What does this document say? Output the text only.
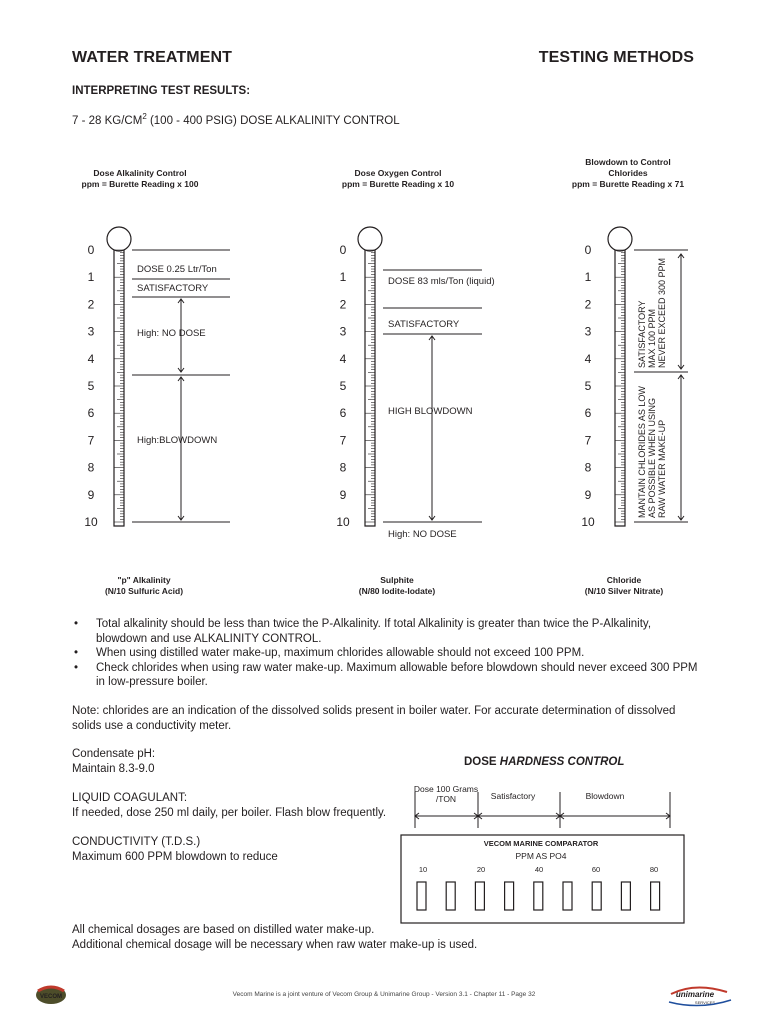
WATER TREATMENT	TESTING METHODS
INTERPRETING TEST RESULTS:
7 - 28 $KG/CM^2$ (100 - 400 PSIG) DOSE ALKALINITY CONTROL
Dose Alkalinity Control
ppm = Burette Reading x 100
Dose Oxygen Control
ppm = Burette Reading x 10
Blowdown to Control
Chlorides
ppm = Burette Reading x 71
0
1
2
3
4
5
6
7
8
9
10
0
1
2
3
4
5
6
7
8
9
10
0
1
2
3
4
5
6
7
8
9
10
DOSE 0.25 Ltr/Ton
SATISFACTORY
High: NO DOSE
High:BLOWDOWN
DOSE 83 mls/Ton (liquid)
SATISFACTORY
HIGH BLOWDOWN
High: NO DOSE
SATISFACTORY MAX 100 PPM NEVER EXCEED 300 PPM
MANTAIN CHLORIDES AS LOW AS POSSIBLE WHEN USING RAW WATER MAKE-UP
"p" Alkalinity
(N/10 Sulfuric Acid)
Sulphite
(N/80 Iodite-Iodate)
Chloride
(N/10 Silver Nitrate)
• Total alkalinity should be less than twice the P-Alkalinity. If total Alkalinity is greater than twice the P-Alkalinity, blowdown and use ALKALINITY CONTROL.
• When using distilled water make-up, maximum chlorides allowable should not exceed 100 PPM.
• Check chlorides when using raw water make-up. Maximum allowable before blowdown should never exceed 300 PPM in low-pressure boiler.
Note: chlorides are an indication of the dissolved solids present in boiler water. For accurate determination of dissolved solids use a conductivity meter.
Condensate pH:
Maintain 8.3-9.0
LIQUID COAGULANT:
If needed, dose 250 ml daily, per boiler. Flash blow frequently.
CONDUCTIVITY (T.D.S.)
Maximum 600 PPM blowdown to reduce
DOSE HARDNESS CONTROL
Dose 100 Grams
/TON	Satisfactory	Blowdown
VECOM MARINE COMPARATOR
PPM AS PO4
10	20	40	60	80
All chemical dosages are based on distilled water make-up.
Additional chemical dosage will be necessary when raw water make-up is used.
VECOM	Vecom Marine is a joint venture of Vecom Group & Unimarine Group - Version 3.1 - Chapter 11 - Page 32	unimarine
SERVICES
